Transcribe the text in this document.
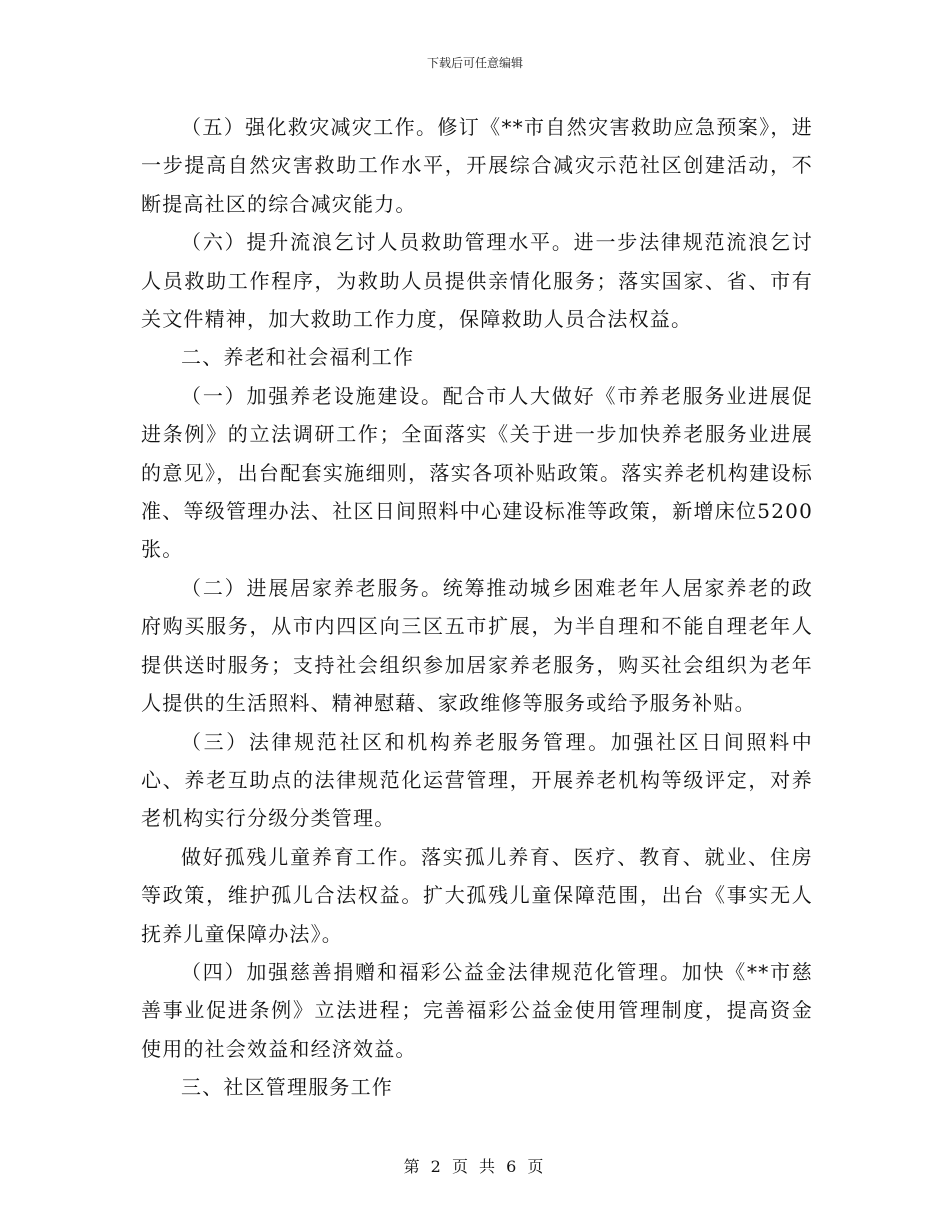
下载后可任意编辑

（五）强化救灾减灾工作。修订《**市自然灾害救助应急预案》，进一步提高自然灾害救助工作水平，开展综合减灾示范社区创建活动，不断提高社区的综合减灾能力。

（六）提升流浪乞讨人员救助管理水平。进一步法律规范流浪乞讨人员救助工作程序，为救助人员提供亲情化服务；落实国家、省、市有关文件精神，加大救助工作力度，保障救助人员合法权益。

二、养老和社会福利工作

（一）加强养老设施建设。配合市人大做好《市养老服务业进展促进条例》的立法调研工作；全面落实《关于进一步加快养老服务业进展的意见》，出台配套实施细则，落实各项补贴政策。落实养老机构建设标准、等级管理办法、社区日间照料中心建设标准等政策，新增床位5200张。

（二）进展居家养老服务。统筹推动城乡困难老年人居家养老的政府购买服务，从市内四区向三区五市扩展，为半自理和不能自理老年人提供送时服务；支持社会组织参加居家养老服务，购买社会组织为老年人提供的生活照料、精神慰藉、家政维修等服务或给予服务补贴。

（三）法律规范社区和机构养老服务管理。加强社区日间照料中心、养老互助点的法律规范化运营管理，开展养老机构等级评定，对养老机构实行分级分类管理。

做好孤残儿童养育工作。落实孤儿养育、医疗、教育、就业、住房等政策，维护孤儿合法权益。扩大孤残儿童保障范围，出台《事实无人抚养儿童保障办法》。

（四）加强慈善捐赠和福彩公益金法律规范化管理。加快《**市慈善事业促进条例》立法进程；完善福彩公益金使用管理制度，提高资金使用的社会效益和经济效益。

三、社区管理服务工作

第 2 页 共 6 页
